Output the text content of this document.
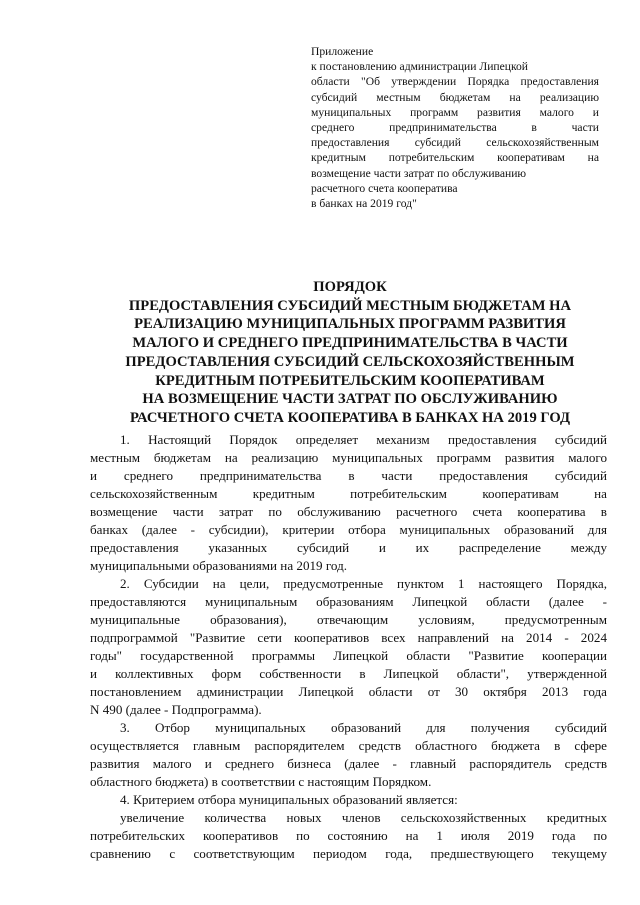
Приложение
к постановлению администрации Липецкой
области "Об утверждении Порядка предоставления
субсидий местным бюджетам на реализацию
муниципальных программ развития малого и
среднего предпринимательства в части
предоставления субсидий сельскохозяйственным
кредитным потребительским кооперативам на
возмещение части затрат по обслуживанию
расчетного счета кооператива
в банках на 2019 год"
ПОРЯДОК
ПРЕДОСТАВЛЕНИЯ СУБСИДИЙ МЕСТНЫМ БЮДЖЕТАМ НА
РЕАЛИЗАЦИЮ МУНИЦИПАЛЬНЫХ ПРОГРАММ РАЗВИТИЯ
МАЛОГО И СРЕДНЕГО ПРЕДПРИНИМАТЕЛЬСТВА В ЧАСТИ
ПРЕДОСТАВЛЕНИЯ СУБСИДИЙ СЕЛЬСКОХОЗЯЙСТВЕННЫМ
КРЕДИТНЫМ ПОТРЕБИТЕЛЬСКИМ КООПЕРАТИВАМ
НА ВОЗМЕЩЕНИЕ ЧАСТИ ЗАТРАТ ПО ОБСЛУЖИВАНИЮ
РАСЧЕТНОГО СЧЕТА КООПЕРАТИВА В БАНКАХ НА 2019 ГОД
1. Настоящий Порядок определяет механизм предоставления субсидий
местным бюджетам на реализацию муниципальных программ развития малого
и среднего предпринимательства в части предоставления субсидий
сельскохозяйственным кредитным потребительским кооперативам на
возмещение части затрат по обслуживанию расчетного счета кооператива в
банках (далее - субсидии), критерии отбора муниципальных образований для
предоставления указанных субсидий и их распределение между
муниципальными образованиями на 2019 год.
2. Субсидии на цели, предусмотренные пунктом 1 настоящего Порядка,
предоставляются муниципальным образованиям Липецкой области (далее -
муниципальные образования), отвечающим условиям, предусмотренным
подпрограммой "Развитие сети кооперативов всех направлений на 2014 - 2024
годы" государственной программы Липецкой области "Развитие кооперации
и коллективных форм собственности в Липецкой области", утвержденной
постановлением администрации Липецкой области от 30 октября 2013 года
N 490 (далее - Подпрограмма).
3. Отбор муниципальных образований для получения субсидий
осуществляется главным распорядителем средств областного бюджета в сфере
развития малого и среднего бизнеса (далее - главный распорядитель средств
областного бюджета) в соответствии с настоящим Порядком.
4. Критерием отбора муниципальных образований является:
увеличение количества новых членов сельскохозяйственных кредитных
потребительских кооперативов по состоянию на 1 июля 2019 года по
сравнению с соответствующим периодом года, предшествующего текущему
